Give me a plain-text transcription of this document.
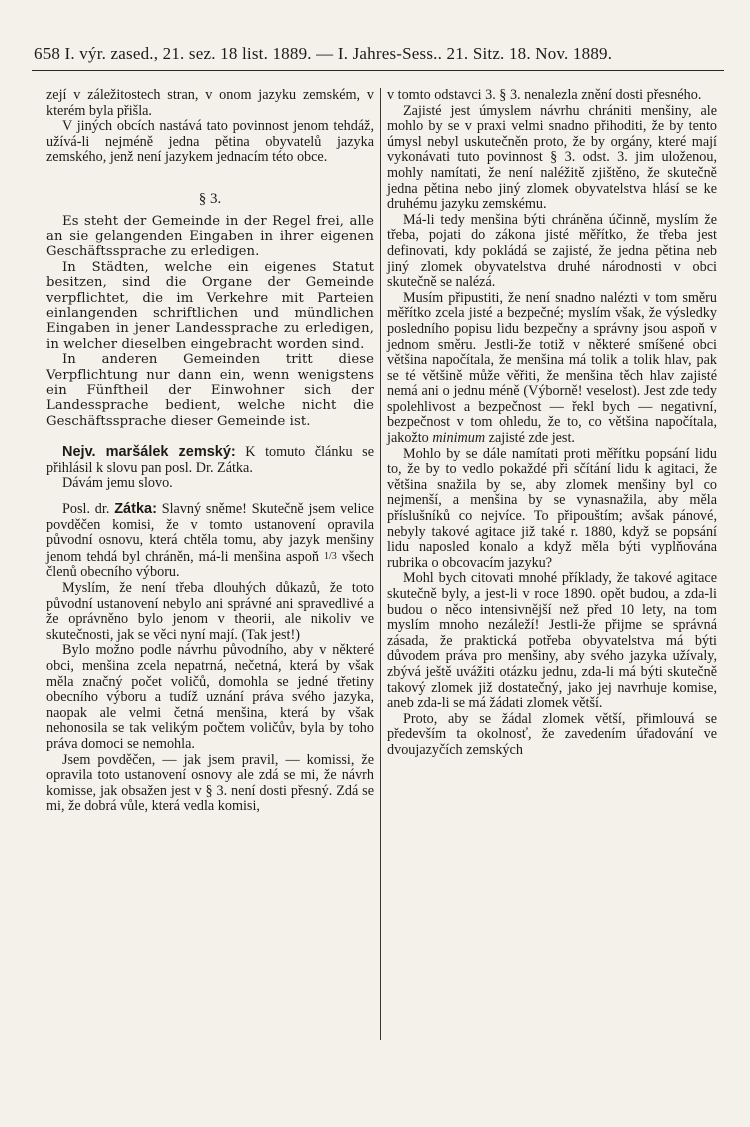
658 I. výr. zased., 21. sez. 18 list. 1889. — I. Jahres-Sess.. 21. Sitz. 18. Nov. 1889.

zejí v záležitostech stran, v onom jazyku zemském, v kterém byla přišla.

V jiných obcích nastává tato povinnost jenom tehdáž, užívá-li nejméně jedna pětina obyvatelů jazyka zemského, jenž není jazykem jednacím této obce.

§ 3.

Es steht der Gemeinde in der Regel frei, alle an sie gelangenden Eingaben in ihrer eigenen Geschäftssprache zu erledigen.

In Städten, welche ein eigenes Statut besitzen, sind die Organe der Gemeinde verpflichtet, die im Verkehre mit Parteien einlangenden schriftlichen und mündlichen Eingaben in jener Landessprache zu erledigen, in welcher dieselben eingebracht worden sind.

In anderen Gemeinden tritt diese Verpflichtung nur dann ein, wenn wenigstens ein Fünftheil der Einwohner sich der Landessprache bedient, welche nicht die Geschäftssprache dieser Gemeinde ist.

Nejv. maršálek zemský: K tomuto článku se přihlásil k slovu pan posl. Dr. Zátka.

Dávám jemu slovo.

Posl. dr. Zátka: Slavný sněme! Skutečně jsem velice povděčen komisi, že v tomto ustanovení opravila původní osnovu, která chtěla tomu, aby jazyk menšiny jenom tehdá byl chráněn, má-li menšina aspoň 1/3 všech členů obecního výboru.

Myslím, že není třeba dlouhých důkazů, že toto původní ustanovení nebylo ani správné ani spravedlivé a že oprávněno bylo jenom v theorii, ale nikoliv ve skutečnosti, jak se věci nyní mají. (Tak jest!)

Bylo možno podle návrhu původního, aby v některé obci, menšina zcela nepatrná, nečetná, která by však měla značný počet voličů, domohla se jedné třetiny obecního výboru a tudíž uznání práva svého jazyka, naopak ale velmi četná menšina, která by však nehonosila se tak velikým počtem voličův, byla by toho práva domoci se nemohla.

Jsem povděčen, — jak jsem pravil, — komissi, že opravila toto ustanovení osnovy ale zdá se mi, že návrh komisse, jak obsažen jest v § 3. není dosti přesný. Zdá se mi, že dobrá vůle, která vedla komisi,

v tomto odstavci 3. § 3. nenalezla znění dosti přesného.

Zajisté jest úmyslem návrhu chrániti menšiny, ale mohlo by se v praxi velmi snadno přihoditi, že by tento úmysl nebyl uskutečněn proto, že by orgány, které mají vykonávati tuto povinnost § 3. odst. 3. jim uloženou, mohly namítati, že není naléžitě zjištěno, že skutečně jedna pětina nebo jiný zlomek obyvatelstva hlásí se ke druhému jazyku zemskému.

Má-li tedy menšina býti chráněna účinně, myslím že třeba, pojati do zákona jisté měřítko, že třeba jest definovati, kdy pokládá se zajisté, že jedna pětina neb jiný zlomek obyvatelstva druhé národnosti v obci skutečně se nalézá.

Musím připustiti, že není snadno nalézti v tom směru měřítko zcela jisté a bezpečné; myslím však, že výsledky posledního popisu lidu bezpečny a správny jsou aspoň v jednom směru. Jestli-že totiž v některé smíšené obci většina napočítala, že menšina má tolik a tolik hlav, pak se té většině může věřiti, že menšina těch hlav zajisté nemá ani o jednu méně (Výborně! veselost). Jest zde tedy spolehlivost a bezpečnost — řekl bych — negativní, bezpečnost v tom ohledu, že to, co většina napočítala, jakožto minimum zajisté zde jest.

Mohlo by se dále namítati proti měřítku popsání lidu to, že by to vedlo pokaždé při sčítání lidu k agitaci, že většina snažila by se, aby zlomek menšiny byl co nejmenší, a menšina by se vynasnažila, aby měla příslušníků co nejvíce. To připouštím; avšak pánové, nebyly takové agitace již také r. 1880, když se popsání lidu naposled konalo a když měla býti vyplňována rubrika o obcovacím jazyku?

Mohl bych citovati mnohé příklady, že takové agitace skutečně byly, a jest-li v roce 1890. opět budou, a zda-li budou o něco intensivnější než před 10 lety, na tom myslím mnoho nezáleží! Jestli-že přijme se správná zásada, že praktická potřeba obyvatelstva má býti důvodem práva pro menšiny, aby svého jazyka užívaly, zbývá ještě uvážiti otázku jednu, zda-li má býti skutečně takový zlomek již dostatečný, jako jej navrhuje komise, aneb zda-li se má žádati zlomek větší.

Proto, aby se žádal zlomek větší, přimlouvá se především ta okolnosť, že zavedením úřadování ve dvoujazyčích zemských
